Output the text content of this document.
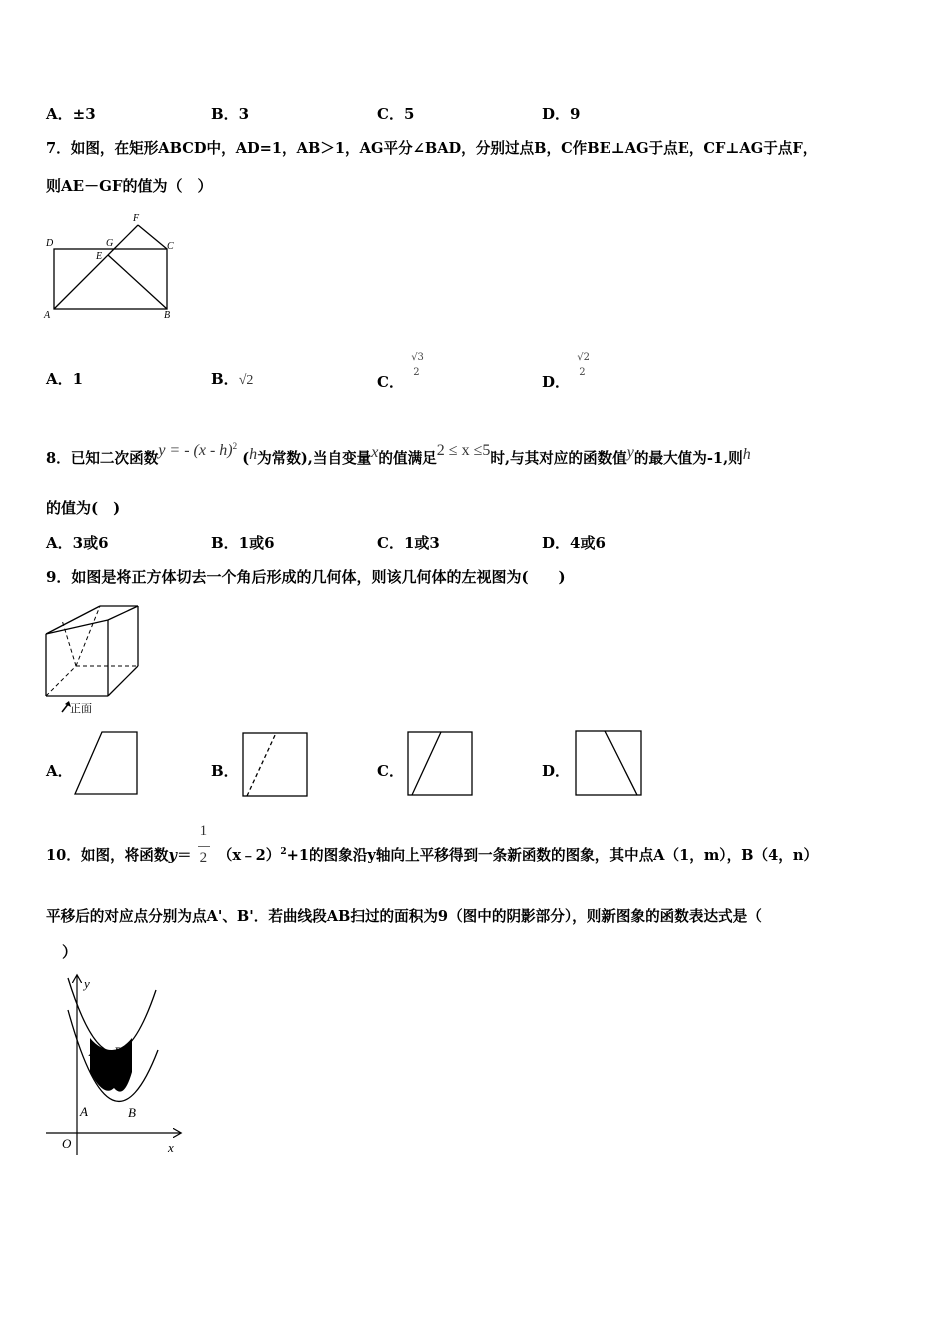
A．±3	B．3	C．5	D．9
7．如图，在矩形ABCD中，AD=1，AB＞1，AG平分∠BAD，分别过点B，C作BE⊥AG于点E，CF⊥AG于点F，
则AE－GF的值为（　）
D	G
F
C
E
A	B
A．1	B．√2	C．
√3
2
D．
√2
2
8．已知二次函数y = - (x - h)$^2$ (h为常数),当自变量x的值满足2 ≤ x ≤5时,与其对应的函数值y的最大值为-1,则h
的值为(　)
A．3或6	B．1或6	C．1或3	D．4或6
9．如图是将正方体切去一个角后形成的几何体，则该几何体的左视图为(　　)
正面
A．	B．	C．	D．
10．如图，将函数$y= \frac{1}{2}$ （x﹣2）$^2$+1的图象沿y轴向上平移得到一条新函数的图象，其中点A（1，m），B（4，n）
平移后的对应点分别为点A'、B'．若曲线段AB扫过的面积为9（图中的阴影部分），则新图象的函数表达式是（
）
y
x
O
A	B
A' B'
